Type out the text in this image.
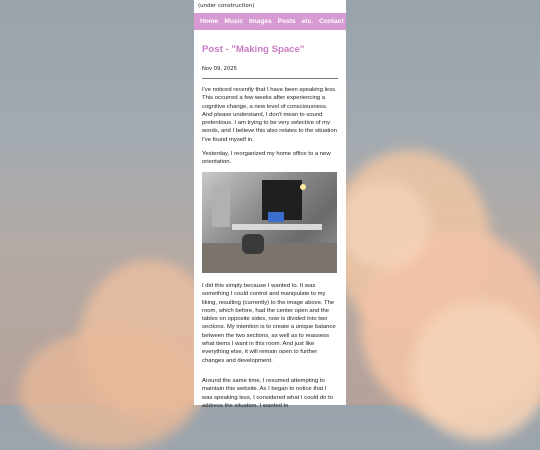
(under construction)
Home Music Images Posts etc. Contact
Post - "Making Space"
Nov 09, 2025
I've noticed recently that I have been speaking less. This occurred a few weeks after experiencing a cognitive change, a new level of consciousness. And please understand, I don't mean to sound pretentious. I am trying to be very selective of my words, and I believe this also relates to the situation I've found myself in.
Yesterday, I reorganized my home office to a new orientation.
I did this simply because I wanted to. It was something I could control and manipulate to my liking, resulting (currently) to the image above. The room, which before, had the center open and the tables on opposite sides, now is divided into two sections. My intention is to create a unique balance between the two sections, as well as to reassess what items I want in this room. And just like everything else, it will remain open to further changes and development.
Around the same time, I resumed attempting to maintain this website. As I began to notice that I was speaking less, I considered what I could do to address the situation. I wanted to
